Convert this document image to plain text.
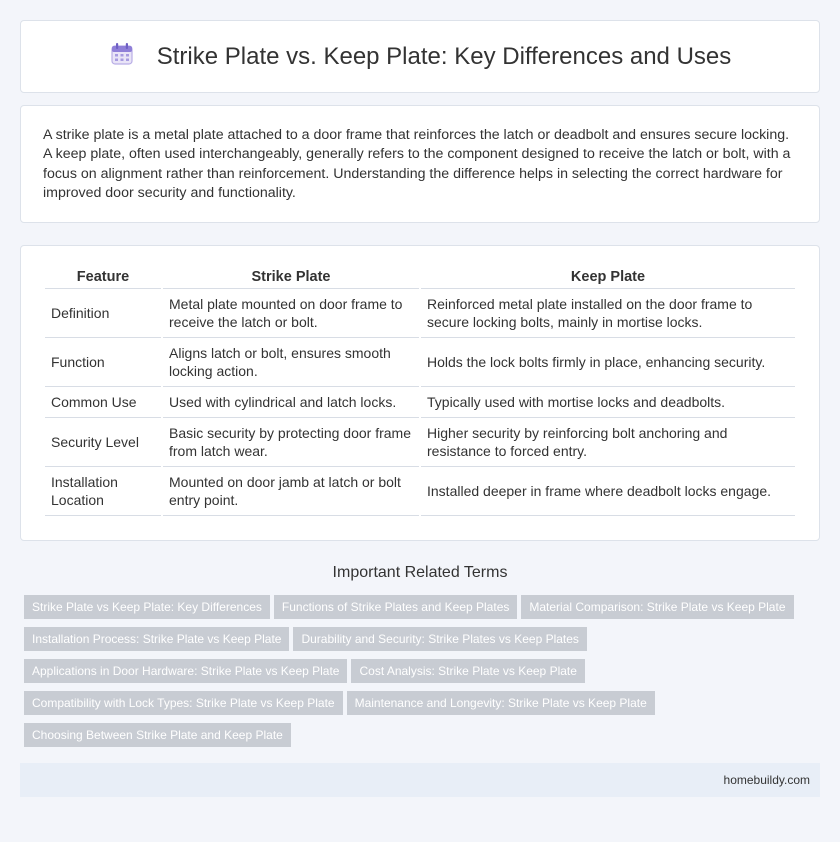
Strike Plate vs. Keep Plate: Key Differences and Uses

A strike plate is a metal plate attached to a door frame that reinforces the latch or deadbolt and ensures secure locking. A keep plate, often used interchangeably, generally refers to the component designed to receive the latch or bolt, with a focus on alignment rather than reinforcement. Understanding the difference helps in selecting the correct hardware for improved door security and functionality.

Feature	Strike Plate	Keep Plate
Definition	Metal plate mounted on door frame to receive the latch or bolt.	Reinforced metal plate installed on the door frame to secure locking bolts, mainly in mortise locks.
Function	Aligns latch or bolt, ensures smooth locking action.	Holds the lock bolts firmly in place, enhancing security.
Common Use	Used with cylindrical and latch locks.	Typically used with mortise locks and deadbolts.
Security Level	Basic security by protecting door frame from latch wear.	Higher security by reinforcing bolt anchoring and resistance to forced entry.
Installation Location	Mounted on door jamb at latch or bolt entry point.	Installed deeper in frame where deadbolt locks engage.
Important Related Terms
Strike Plate vs Keep Plate: Key Differences	Functions of Strike Plates and Keep Plates	Material Comparison: Strike Plate vs Keep Plate
Installation Process: Strike Plate vs Keep Plate	Durability and Security: Strike Plates vs Keep Plates
Applications in Door Hardware: Strike Plate vs Keep Plate	Cost Analysis: Strike Plate vs Keep Plate
Compatibility with Lock Types: Strike Plate vs Keep Plate	Maintenance and Longevity: Strike Plate vs Keep Plate
Choosing Between Strike Plate and Keep Plate
homebuildy.com
